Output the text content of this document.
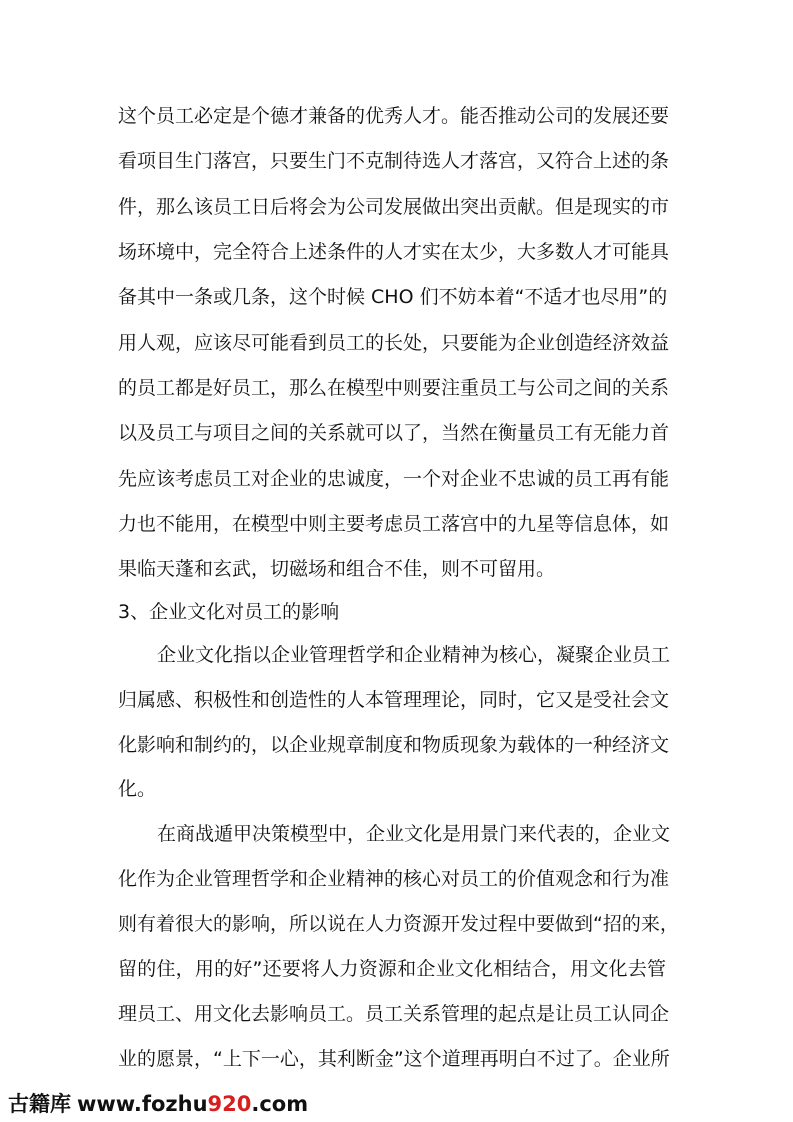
这个员工必定是个德才兼备的优秀人才。能否推动公司的发展还要
看项目生门落宫，只要生门不克制待选人才落宫，又符合上述的条
件，那么该员工日后将会为公司发展做出突出贡献。但是现实的市
场环境中，完全符合上述条件的人才实在太少，大多数人才可能具
备其中一条或几条，这个时候 CHO 们不妨本着“不适才也尽用”的
用人观，应该尽可能看到员工的长处，只要能为企业创造经济效益
的员工都是好员工，那么在模型中则要注重员工与公司之间的关系
以及员工与项目之间的关系就可以了，当然在衡量员工有无能力首
先应该考虑员工对企业的忠诚度，一个对企业不忠诚的员工再有能
力也不能用，在模型中则主要考虑员工落宫中的九星等信息体，如
果临天蓬和玄武，切磁场和组合不佳，则不可留用。
3、企业文化对员工的影响
企业文化指以企业管理哲学和企业精神为核心，凝聚企业员工
归属感、积极性和创造性的人本管理理论，同时，它又是受社会文
化影响和制约的，以企业规章制度和物质现象为载体的一种经济文
化。
在商战遁甲决策模型中，企业文化是用景门来代表的，企业文
化作为企业管理哲学和企业精神的核心对员工的价值观念和行为准
则有着很大的影响，所以说在人力资源开发过程中要做到“招的来，
留的住，用的好”还要将人力资源和企业文化相结合，用文化去管
理员工、用文化去影响员工。员工关系管理的起点是让员工认同企
业的愿景，“上下一心，其利断金”这个道理再明白不过了。企业所
古籍库 www.fozhu920.com
